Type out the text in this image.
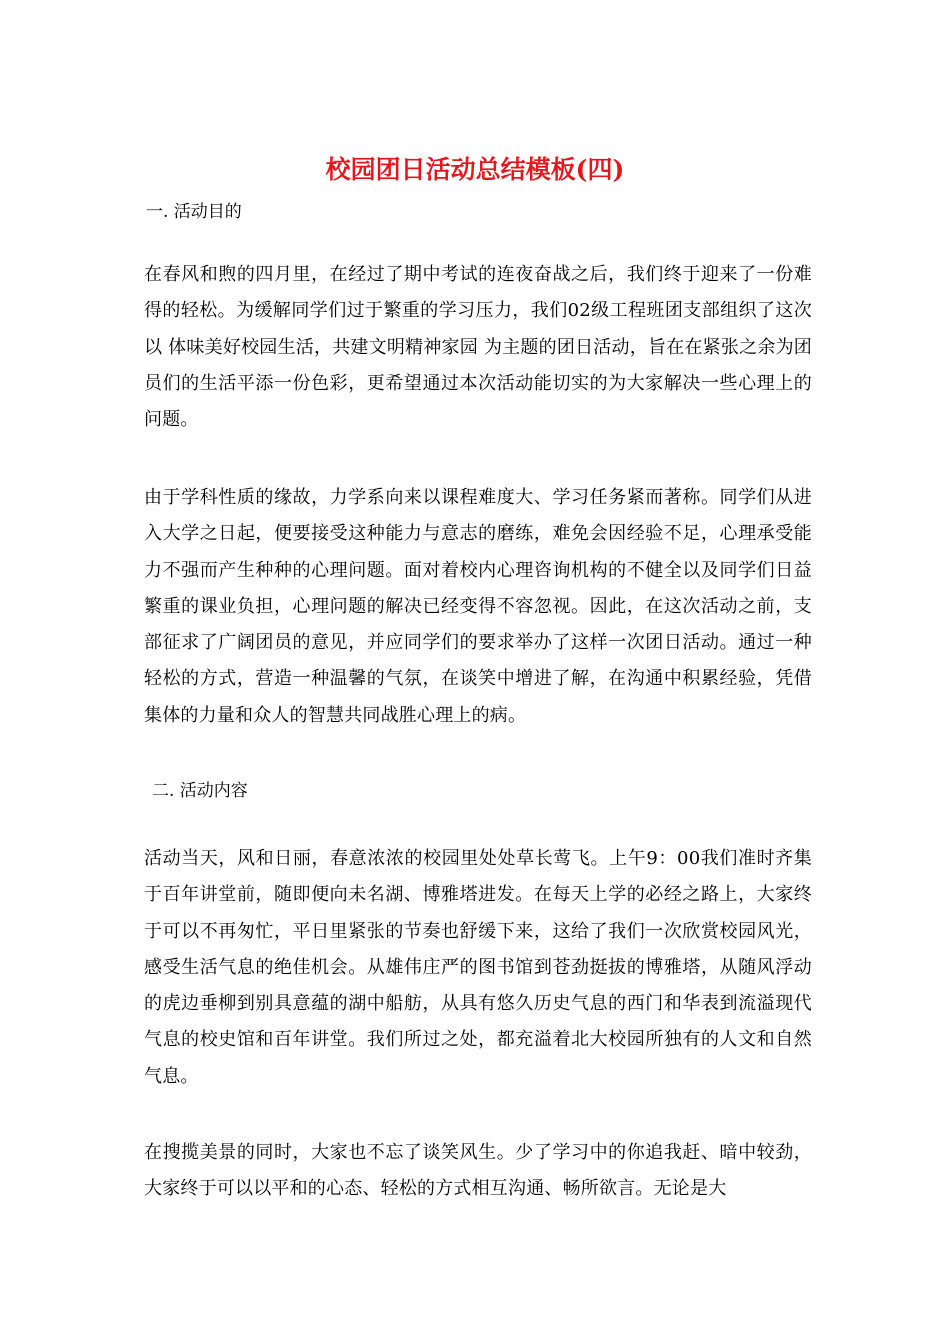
校园团日活动总结模板(四)

一. 活动目的

在春风和煦的四月里，在经过了期中考试的连夜奋战之后，我们终于迎来了一份难得的轻松。为缓解同学们过于繁重的学习压力，我们02级工程班团支部组织了这次以 体味美好校园生活，共建文明精神家园 为主题的团日活动，旨在在紧张之余为团员们的生活平添一份色彩，更希望通过本次活动能切实的为大家解决一些心理上的问题。

由于学科性质的缘故，力学系向来以课程难度大、学习任务紧而著称。同学们从进入大学之日起，便要接受这种能力与意志的磨练，难免会因经验不足，心理承受能力不强而产生种种的心理问题。面对着校内心理咨询机构的不健全以及同学们日益繁重的课业负担，心理问题的解决已经变得不容忽视。因此，在这次活动之前，支部征求了广阔团员的意见，并应同学们的要求举办了这样一次团日活动。通过一种轻松的方式，营造一种温馨的气氛，在谈笑中增进了解，在沟通中积累经验，凭借集体的力量和众人的智慧共同战胜心理上的病。

二. 活动内容

活动当天，风和日丽，春意浓浓的校园里处处草长莺飞。上午9：00我们准时齐集于百年讲堂前，随即便向未名湖、博雅塔进发。在每天上学的必经之路上，大家终于可以不再匆忙，平日里紧张的节奏也舒缓下来，这给了我们一次欣赏校园风光，感受生活气息的绝佳机会。从雄伟庄严的图书馆到苍劲挺拔的博雅塔，从随风浮动的虎边垂柳到别具意蕴的湖中船舫，从具有悠久历史气息的西门和华表到流溢现代气息的校史馆和百年讲堂。我们所过之处，都充溢着北大校园所独有的人文和自然气息。

在搜揽美景的同时，大家也不忘了谈笑风生。少了学习中的你追我赶、暗中较劲，大家终于可以以平和的心态、轻松的方式相互沟通、畅所欲言。无论是大
